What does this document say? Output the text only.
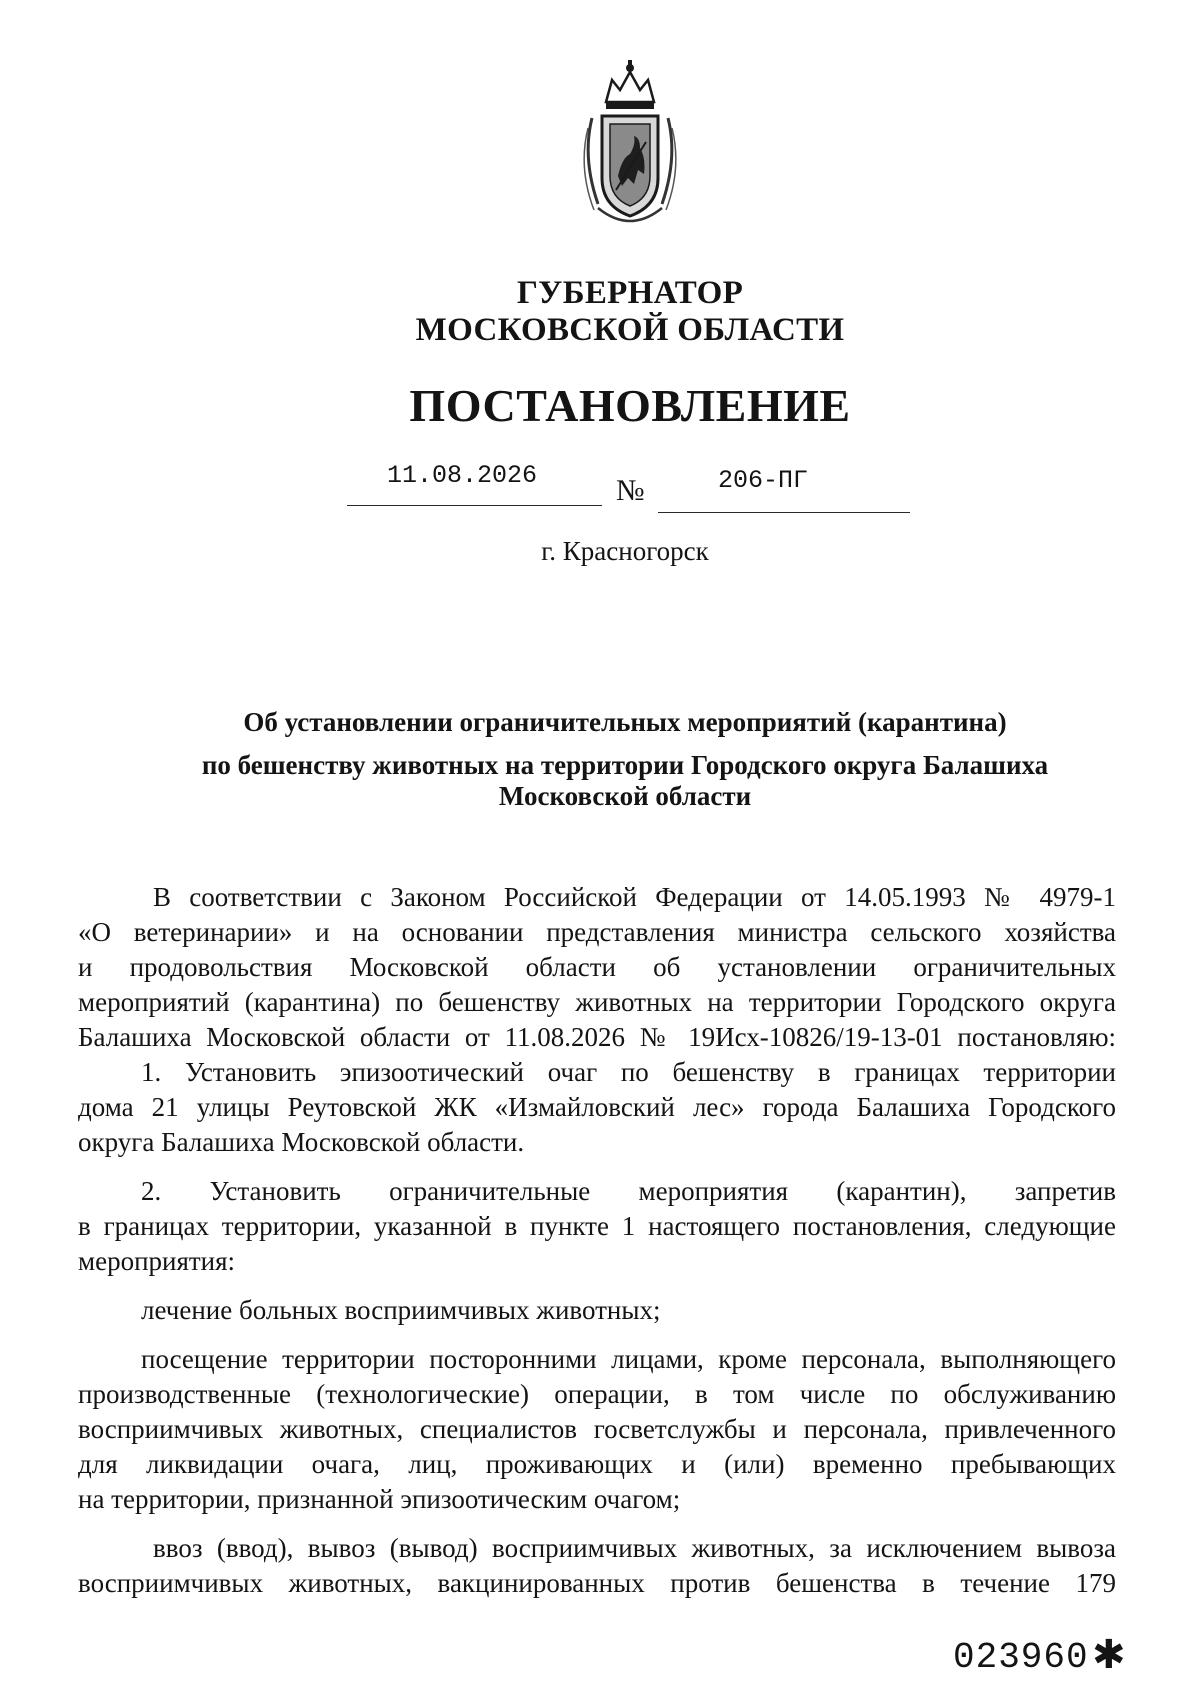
ГУБЕРНАТОР
МОСКОВСКОЙ ОБЛАСТИ
ПОСТАНОВЛЕНИЕ
11.08.2026	№	206-ПГ
г. Красногорск
Об установлении ограничительных мероприятий (карантина)
по бешенству животных на территории Городского округа Балашиха
Московской области
В соответствии с Законом Российской Федерации от 14.05.1993 № 4979-1
«О ветеринарии» и на основании представления министра сельского хозяйства
и продовольствия Московской области об установлении ограничительных
мероприятий (карантина) по бешенству животных на территории Городского округа
Балашиха Московской области от 11.08.2026 № 19Исх-10826/19-13-01 постановляю:
1. Установить эпизоотический очаг по бешенству в границах территории
дома 21 улицы Реутовской ЖК «Измайловский лес» города Балашиха Городского
округа Балашиха Московской области.
2. Установить ограничительные мероприятия (карантин), запретив
в границах территории, указанной в пункте 1 настоящего постановления, следующие
мероприятия:
лечение больных восприимчивых животных;
посещение территории посторонними лицами, кроме персонала, выполняющего
производственные (технологические) операции, в том числе по обслуживанию
восприимчивых животных, специалистов госветслужбы и персонала, привлеченного
для ликвидации очага, лиц, проживающих и (или) временно пребывающих
на территории, признанной эпизоотическим очагом;
ввоз (ввод), вывоз (вывод) восприимчивых животных, за исключением вывоза
восприимчивых животных, вакцинированных против бешенства в течение 179
023960 ✱
